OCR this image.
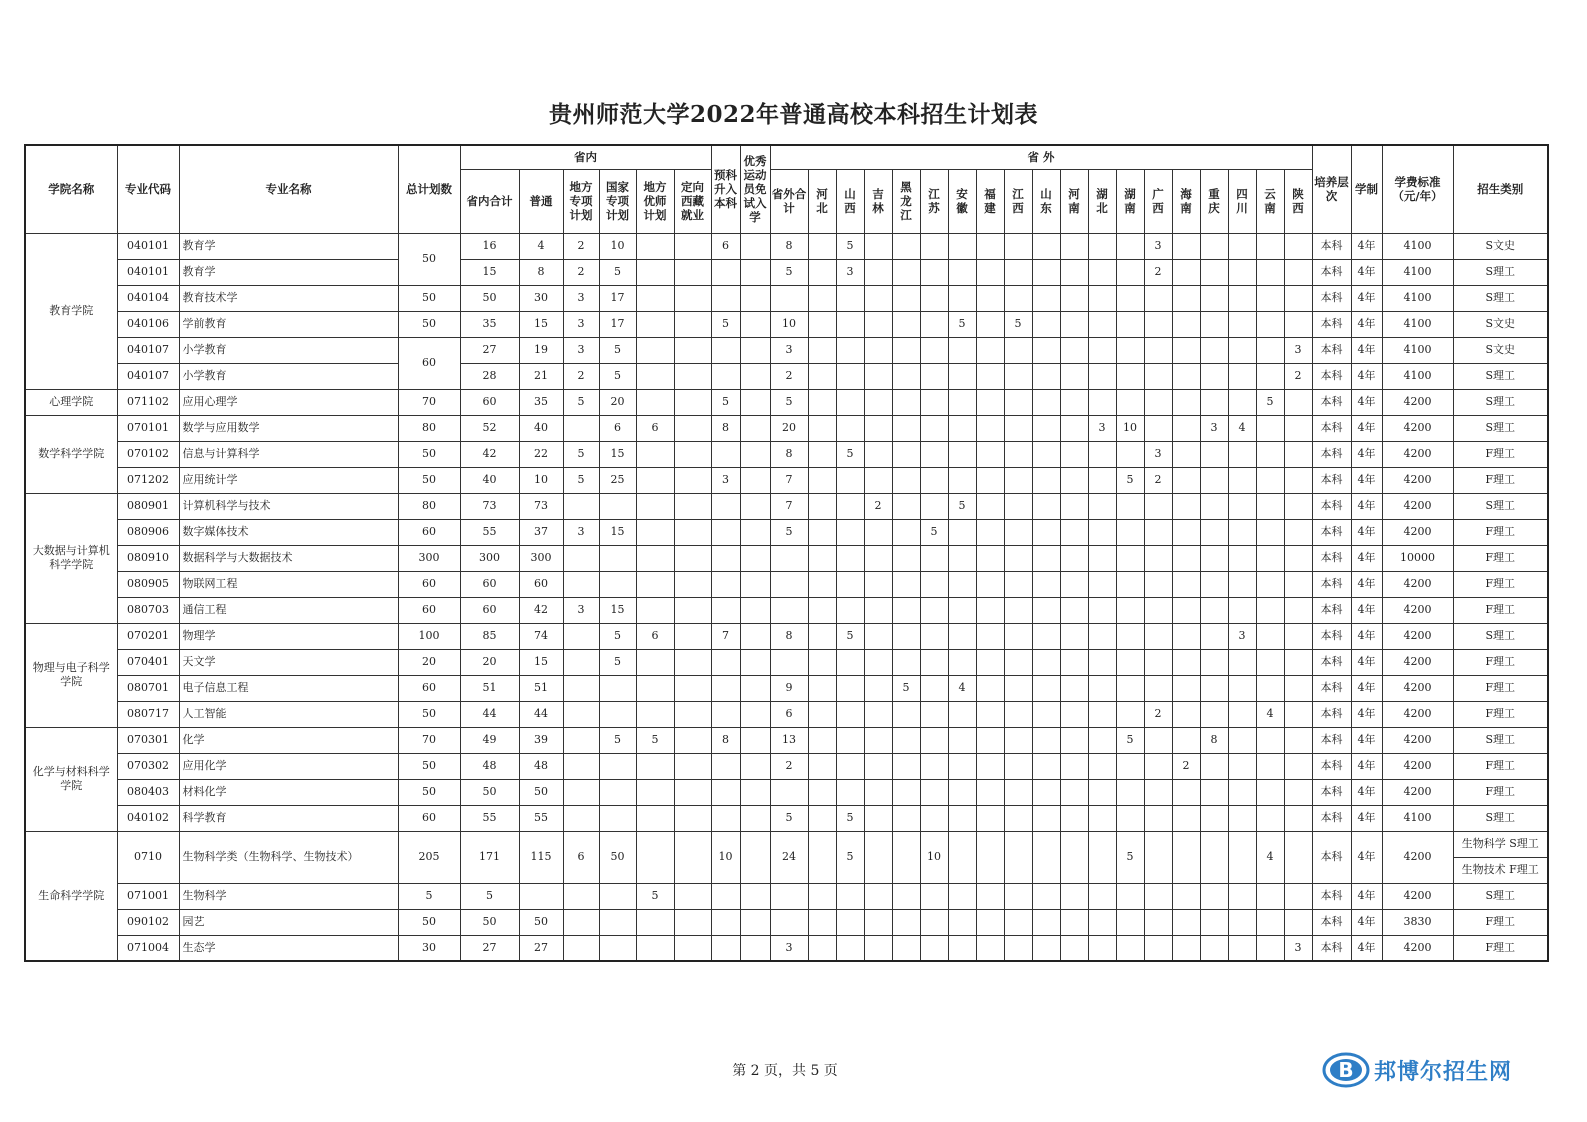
贵州师范大学2022年普通高校本科招生计划表
学院名称	专业代码	专业名称	总计划数	省内						预科升入本科	优秀运动员免试入学	省 外																			培养层次	学制	学费标准（元/年）	招生类别
				省内合计	普通	地方专项计划	国家专项计划	地方优师计划	定向西藏就业			省外合计	河北	山西	吉林	黑龙江	江苏	安徽	福建	江西	山东	河南	湖北	湖南	广西	海南	重庆	四川	云南	陕西				
教育学院	040101	教育学	50	16	4	2	10			6		8		5											3						本科	4年	4100	S文史
	040101	教育学		15	8	2	5					5		3											2						本科	4年	4100	S理工
	040104	教育技术学	50	50	30	3	17																								本科	4年	4100	S理工
	040106	学前教育	50	35	15	3	17			5		10						5		5											本科	4年	4100	S文史
	040107	小学教育	60	27	19	3	5					3																		3	本科	4年	4100	S文史
	040107	小学教育		28	21	2	5					2																		2	本科	4年	4100	S理工
心理学院	071102	应用心理学	70	60	35	5	20			5		5																	5		本科	4年	4200	S理工
数学科学学院	070101	数学与应用数学	80	52	40		6	6		8		20											3	10			3	4			本科	4年	4200	S理工
	070102	信息与计算科学	50	42	22	5	15					8		5											3						本科	4年	4200	F理工
	071202	应用统计学	50	40	10	5	25			3		7												5	2						本科	4年	4200	F理工
大数据与计算机科学学院	080901	计算机科学与技术	80	73	73							7			2			5													本科	4年	4200	S理工
	080906	数字媒体技术	60	55	37	3	15					5					5														本科	4年	4200	F理工
	080910	数据科学与大数据技术	300	300	300																										本科	4年	10000	F理工
	080905	物联网工程	60	60	60																										本科	4年	4200	F理工
	080703	通信工程	60	60	42	3	15																								本科	4年	4200	F理工
物理与电子科学学院	070201	物理学	100	85	74		5	6		7		8		5														3			本科	4年	4200	S理工
	070401	天文学	20	20	15		5																								本科	4年	4200	F理工
	080701	电子信息工程	60	51	51							9				5		4													本科	4年	4200	F理工
	080717	人工智能	50	44	44							6													2				4		本科	4年	4200	F理工
化学与材料科学学院	070301	化学	70	49	39		5	5		8		13												5			8				本科	4年	4200	S理工
	070302	应用化学	50	48	48							2														2					本科	4年	4200	F理工
	080403	材料化学	50	50	50																										本科	4年	4200	F理工
	040102	科学教育	60	55	55							5		5																	本科	4年	4100	S理工
生命科学学院	0710	生物科学类（生物科学、生物技术）	205	171	115	6	50			10		24		5			10							5					4		本科	4年	4200	生物科学 S理工
																																		生物技术 F理工
	071001	生物科学	5	5				5																							本科	4年	4200	S理工
	090102	园艺	50	50	50																										本科	4年	3830	F理工
	071004	生态学	30	27	27							3																		3	本科	4年	4200	F理工
第 2 页，共 5 页	B 邦博尔招生网
